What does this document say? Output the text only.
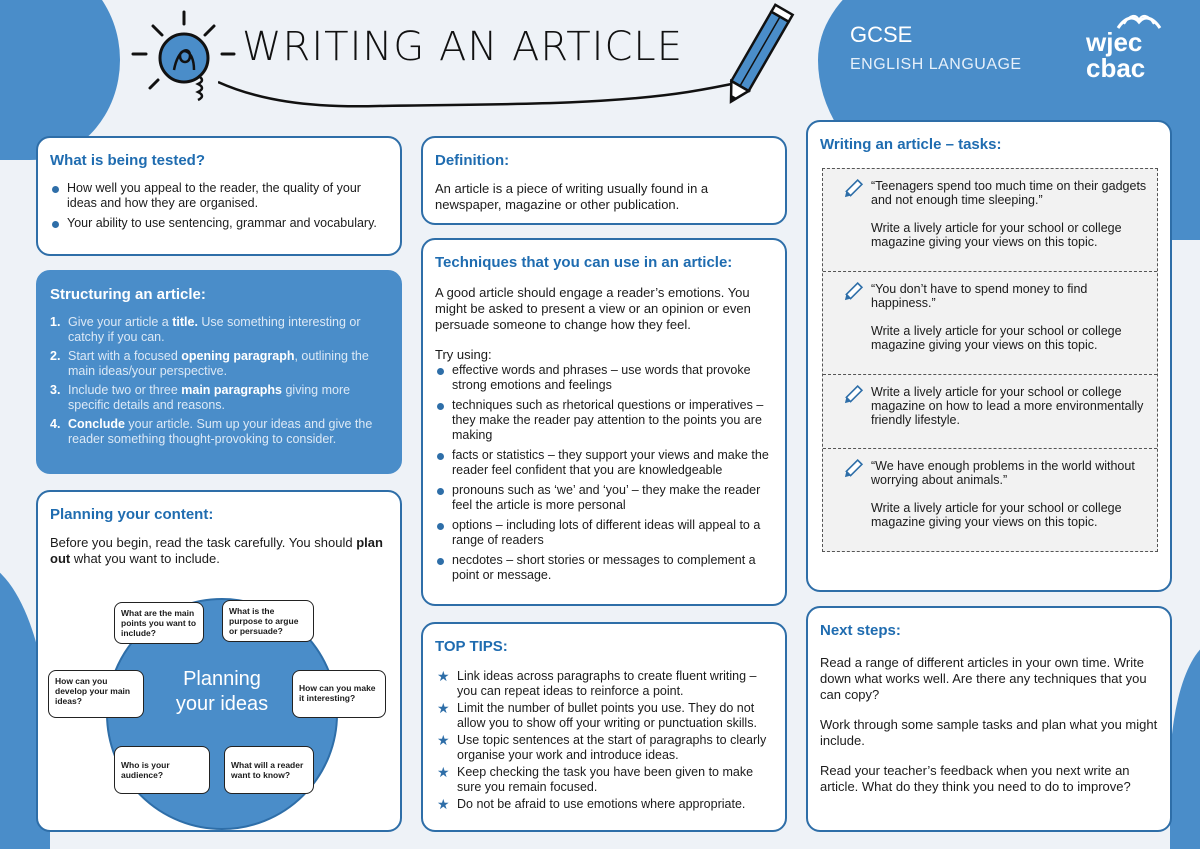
WRITING AN ARTICLE	GCSE
ENGLISH LANGUAGE
wjec
cbac
What is being tested?
How well you appeal to the reader, the quality of your ideas and how they are organised.
Your ability to use sentencing, grammar and vocabulary.
Structuring an article:
1. Give your article a title. Use something interesting or catchy if you can.
2. Start with a focused opening paragraph, outlining the main ideas/your perspective.
3. Include two or three main paragraphs giving more specific details and reasons.
4. Conclude your article. Sum up your ideas and give the reader something thought-provoking to consider.
Planning your content:

Before you begin, read the task carefully. You should plan out what you want to include.

Planning
your ideas
What are the main points you want to include?
What is the purpose to argue or persuade?
How can you develop your main ideas?
How can you make it interesting?
Who is your audience?
What will a reader want to know?
Definition:

An article is a piece of writing usually found in a newspaper, magazine or other publication.

Techniques that you can use in an article:

A good article should engage a reader’s emotions. You might be asked to present a view or an opinion or even persuade someone to change how they feel.

Try using:

effective words and phrases – use words that provoke strong emotions and feelings
techniques such as rhetorical questions or imperatives – they make the reader pay attention to the points you are making
facts or statistics – they support your views and make the reader feel confident that you are knowledgeable
pronouns such as ‘we’ and ‘you’ – they make the reader feel the article is more personal
options – including lots of different ideas will appeal to a range of readers
necdotes – short stories or messages to complement a point or message.
TOP TIPS:
★ Link ideas across paragraphs to create fluent writing – you can repeat ideas to reinforce a point.
★ Limit the number of bullet points you use. They do not allow you to show off your writing or punctuation skills.
★ Use topic sentences at the start of paragraphs to clearly organise your work and introduce ideas.
★ Keep checking the task you have been given to make sure you remain focused.
★ Do not be afraid to use emotions where appropriate.
Writing an article – tasks:

“Teenagers spend too much time on their gadgets and not enough time sleeping.”

Write a lively article for your school or college magazine giving your views on this topic.

“You don’t have to spend money to find happiness.”

Write a lively article for your school or college magazine giving your views on this topic.

Write a lively article for your school or college magazine on how to lead a more environmentally friendly lifestyle.

“We have enough problems in the world without worrying about animals.”

Write a lively article for your school or college magazine giving your views on this topic.

Next steps:

Read a range of different articles in your own time. Write down what works well. Are there any techniques that you can copy?

Work through some sample tasks and plan what you might include.

Read your teacher’s feedback when you next write an article. What do they think you need to do to improve?
